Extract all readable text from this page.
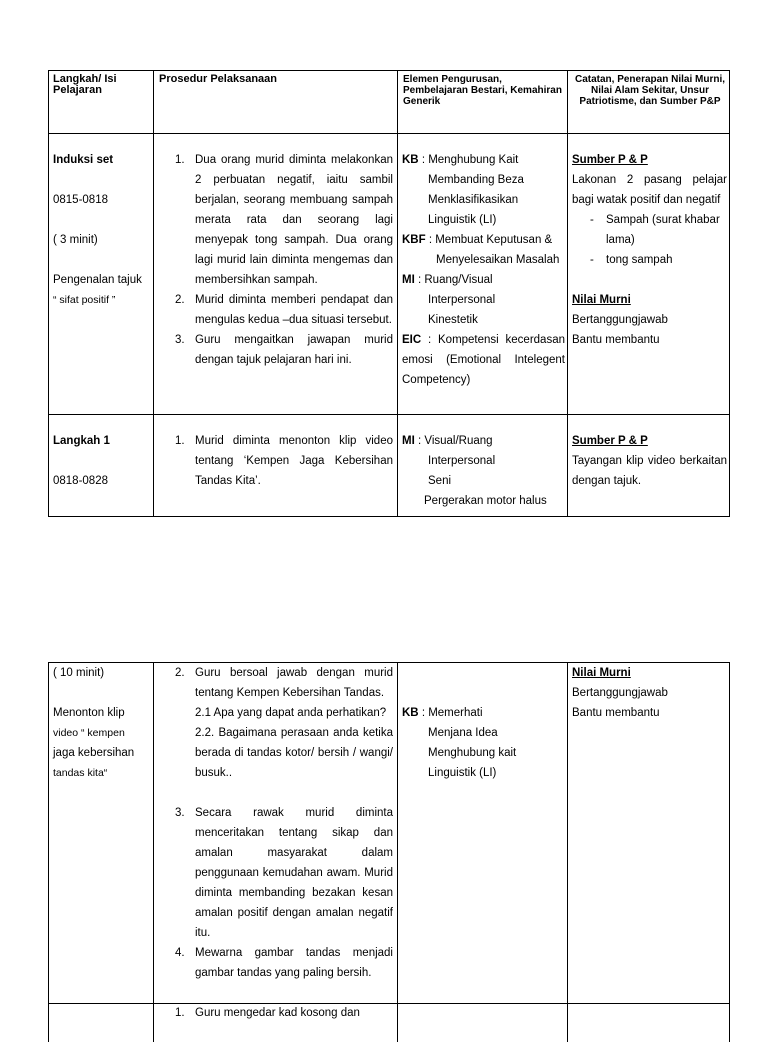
Langkah/ Isi Pelajaran
Prosedur Pelaksanaan	Elemen Pengurusan, Pembelajaran Bestari, Kemahiran Generik
Catatan, Penerapan Nilai Murni, Nilai Alam Sekitar, Unsur Patriotisme, dan Sumber P&P
Induksi set
0815-0818
( 3 minit)
Pengenalan tajuk
“ sifat positif ”
1. Dua orang murid diminta melakonkan 2 perbuatan negatif, iaitu sambil berjalan, seorang membuang sampah merata rata dan seorang lagi menyepak tong sampah. Dua orang lagi murid lain diminta mengemas dan membersihkan sampah.
2. Murid diminta memberi pendapat dan mengulas kedua –dua situasi tersebut.
3. Guru mengaitkan jawapan murid dengan tajuk pelajaran hari ini.
KB : Menghubung Kait
Membanding Beza
Menklasifikasikan
Linguistik (LI)
KBF : Membuat Keputusan &
Menyelesaikan Masalah
MI : Ruang/Visual
Interpersonal
Kinestetik
EIC : Kompetensi kecerdasan emosi (Emotional Intelegent Competency)
Sumber P & P
Lakonan 2 pasang pelajar bagi watak positif dan negatif
- Sampah (surat khabar lama)
- tong sampah
Nilai Murni
Bertanggungjawab
Bantu membantu
Langkah 1
0818-0828
1. Murid diminta menonton klip video tentang ‘Kempen Jaga Kebersihan Tandas Kita’.
MI : Visual/Ruang
Interpersonal
Seni
Pergerakan motor halus
Sumber P & P
Tayangan klip video berkaitan dengan tajuk.
( 10 minit)
Menonton klip
video “ kempen
jaga kebersihan
tandas kita“
2. Guru bersoal jawab dengan murid tentang Kempen Kebersihan Tandas.
2.1 Apa yang dapat anda perhatikan?
2.2. Bagaimana perasaan anda ketika berada di tandas kotor/ bersih / wangi/ busuk..
3. Secara rawak murid diminta menceritakan tentang sikap dan amalan masyarakat dalam penggunaan kemudahan awam. Murid diminta membanding bezakan kesan amalan positif dengan amalan negatif itu.
4. Mewarna gambar tandas menjadi gambar tandas yang paling bersih.
KB : Memerhati
Menjana Idea
Menghubung kait
Linguistik (LI)
Nilai Murni
Bertanggungjawab
Bantu membantu
1. Guru mengedar kad kosong dan
